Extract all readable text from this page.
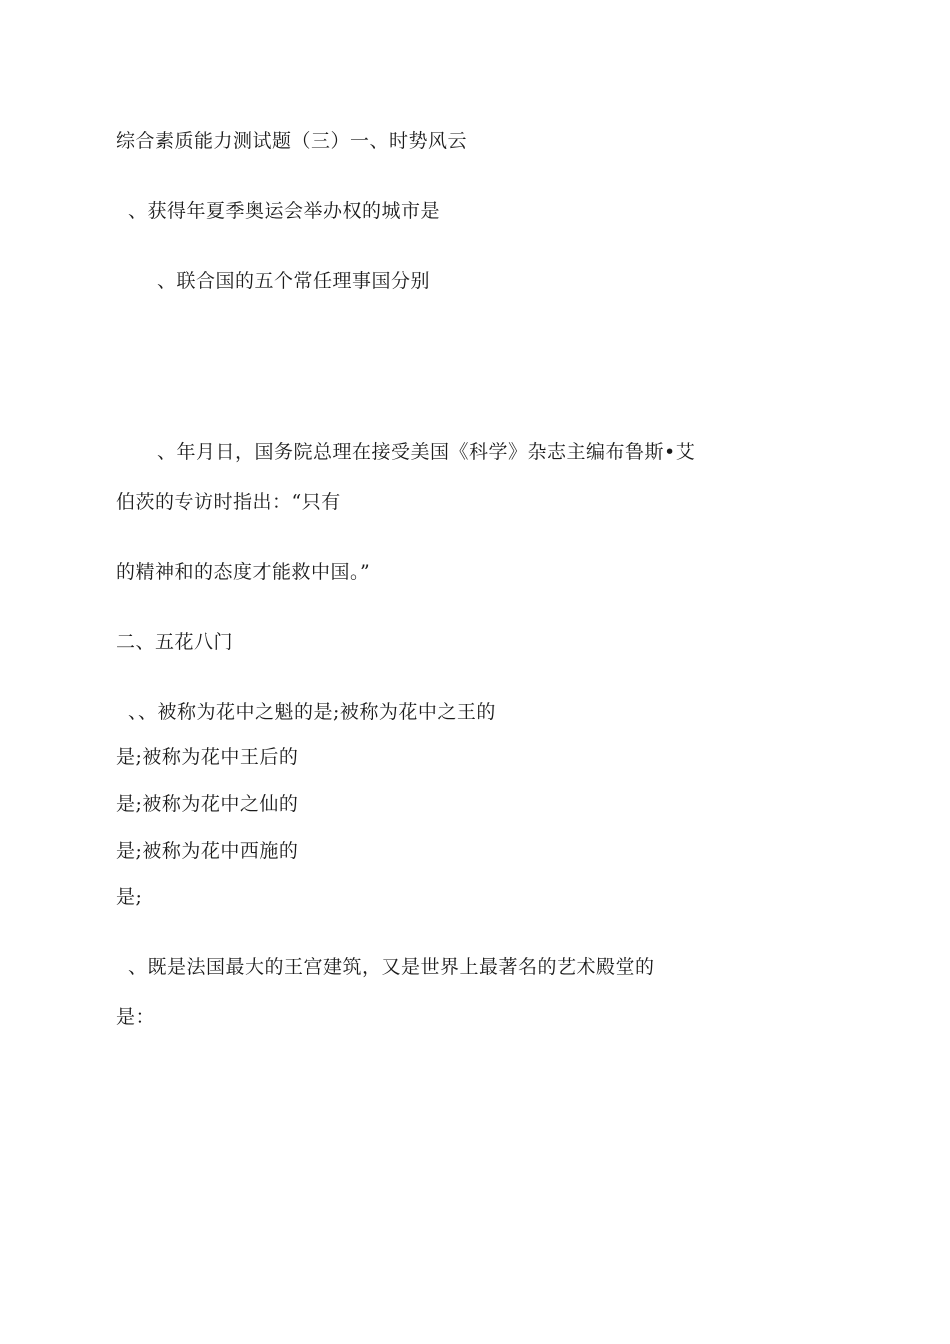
综合素质能力测试题（三）一、时势风云
、获得年夏季奥运会举办权的城市是
、联合国的五个常任理事国分别
、年月日，国务院总理在接受美国《科学》杂志主编布鲁斯•艾
伯茨的专访时指出：“只有
的精神和的态度才能救中国。”
二、五花八门
、、被称为花中之魁的是;被称为花中之王的
是;被称为花中王后的
是;被称为花中之仙的
是;被称为花中西施的
是;
、既是法国最大的王宫建筑，又是世界上最著名的艺术殿堂的
是：
